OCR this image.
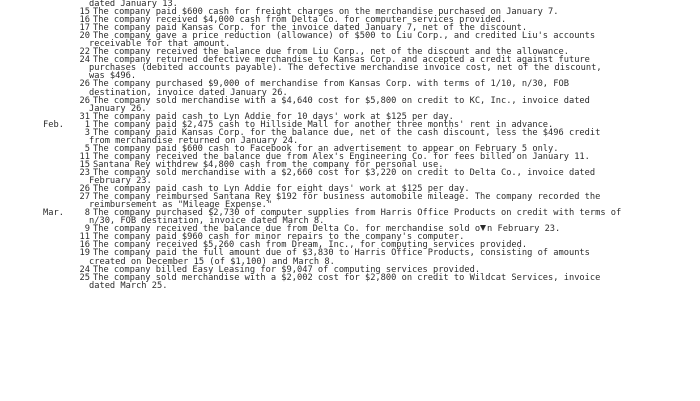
dated January 13.
15 The company paid $600 cash for freight charges on the merchandise purchased on January 7.
16 The company received $4,000 cash from Delta Co. for computer services provided.
17 The company paid Kansas Corp. for the invoice dated January 7, net of the discount.
20 The company gave a price reduction (allowance) of $500 to Liu Corp., and credited Liu's accounts
receivable for that amount.
22 The company received the balance due from Liu Corp., net of the discount and the allowance.
24 The company returned defective merchandise to Kansas Corp. and accepted a credit against future
purchases (debited accounts payable). The defective merchandise invoice cost, net of the discount,
was $496.
26 The company purchased $9,000 of merchandise from Kansas Corp. with terms of 1/10, n/30, FOB
destination, invoice dated January 26.
26 The company sold merchandise with a $4,640 cost for $5,800 on credit to KC, Inc., invoice dated
January 26.
31 The company paid cash to Lyn Addie for 10 days' work at $125 per day.
Feb.	1 The company paid $2,475 cash to Hillside Mall for another three months' rent in advance.
3 The company paid Kansas Corp. for the balance due, net of the cash discount, less the $496 credit
from merchandise returned on January 24.
5 The company paid $600 cash to Facebook for an advertisement to appear on February 5 only.
11 The company received the balance due from Alex's Engineering Co. for fees billed on January 11.
15 Santana Rey withdrew $4,800 cash from the company for personal use.
23 The company sold merchandise with a $2,660 cost for $3,220 on credit to Delta Co., invoice dated
February 23.
26 The company paid cash to Lyn Addie for eight days' work at $125 per day.
27 The company reimbursed Santana Rey $192 for business automobile mileage. The company recorded the
reimbursement as "Mileage Expense."
Mar.	8 The company purchased $2,730 of computer supplies from Harris Office Products on credit with terms of
n/30, FOB destination, invoice dated March 8.
9 The company received the balance due from Delta Co. for merchandise sold o n February 23.
11 The company paid $960 cash for minor repairs to the company's computer.
16 The company received $5,260 cash from Dream, Inc., for computing services provided.
19 The company paid the full amount due of $3,830 to Harris Office Products, consisting of amounts
created on December 15 (of $1,100) and March 8.
24 The company billed Easy Leasing for $9,047 of computing services provided.
25 The company sold merchandise with a $2,002 cost for $2,800 on credit to Wildcat Services, invoice
dated March 25.
